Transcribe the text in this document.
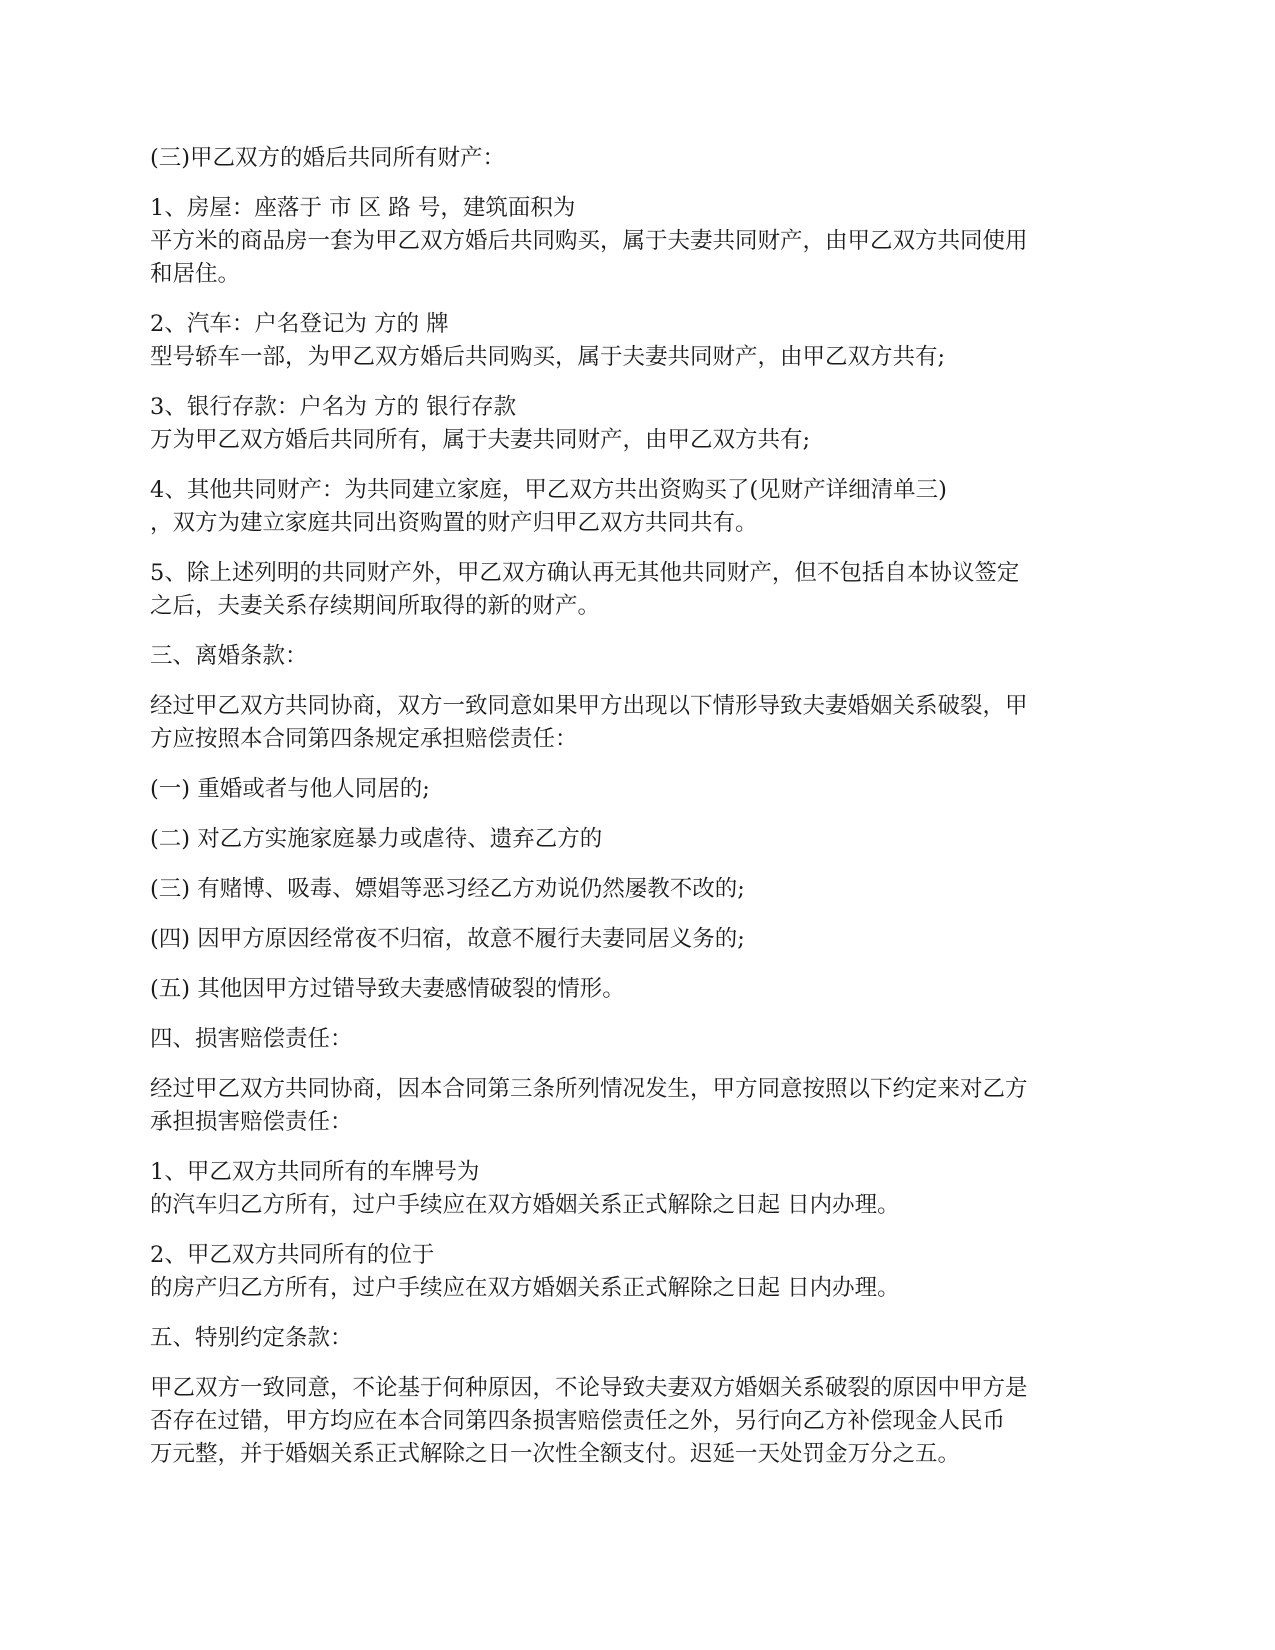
(三)甲乙双方的婚后共同所有财产：

1、房屋：座落于 市 区 路 号，建筑面积为
平方米的商品房一套为甲乙双方婚后共同购买，属于夫妻共同财产，由甲乙双方共同使用
和居住。

2、汽车：户名登记为 方的 牌
型号轿车一部，为甲乙双方婚后共同购买，属于夫妻共同财产，由甲乙双方共有;

3、银行存款：户名为 方的 银行存款
万为甲乙双方婚后共同所有，属于夫妻共同财产，由甲乙双方共有;

4、其他共同财产：为共同建立家庭，甲乙双方共出资购买了(见财产详细清单三)
，双方为建立家庭共同出资购置的财产归甲乙双方共同共有。

5、除上述列明的共同财产外，甲乙双方确认再无其他共同财产，但不包括自本协议签定
之后，夫妻关系存续期间所取得的新的财产。

三、离婚条款：

经过甲乙双方共同协商，双方一致同意如果甲方出现以下情形导致夫妻婚姻关系破裂，甲
方应按照本合同第四条规定承担赔偿责任：

(一) 重婚或者与他人同居的;

(二) 对乙方实施家庭暴力或虐待、遗弃乙方的

(三) 有赌博、吸毒、嫖娼等恶习经乙方劝说仍然屡教不改的;

(四) 因甲方原因经常夜不归宿，故意不履行夫妻同居义务的;

(五) 其他因甲方过错导致夫妻感情破裂的情形。

四、损害赔偿责任：

经过甲乙双方共同协商，因本合同第三条所列情况发生，甲方同意按照以下约定来对乙方
承担损害赔偿责任：

1、甲乙双方共同所有的车牌号为
的汽车归乙方所有，过户手续应在双方婚姻关系正式解除之日起 日内办理。

2、甲乙双方共同所有的位于
的房产归乙方所有，过户手续应在双方婚姻关系正式解除之日起 日内办理。

五、特别约定条款：

甲乙双方一致同意，不论基于何种原因，不论导致夫妻双方婚姻关系破裂的原因中甲方是
否存在过错，甲方均应在本合同第四条损害赔偿责任之外，另行向乙方补偿现金人民币
万元整，并于婚姻关系正式解除之日一次性全额支付。迟延一天处罚金万分之五。
